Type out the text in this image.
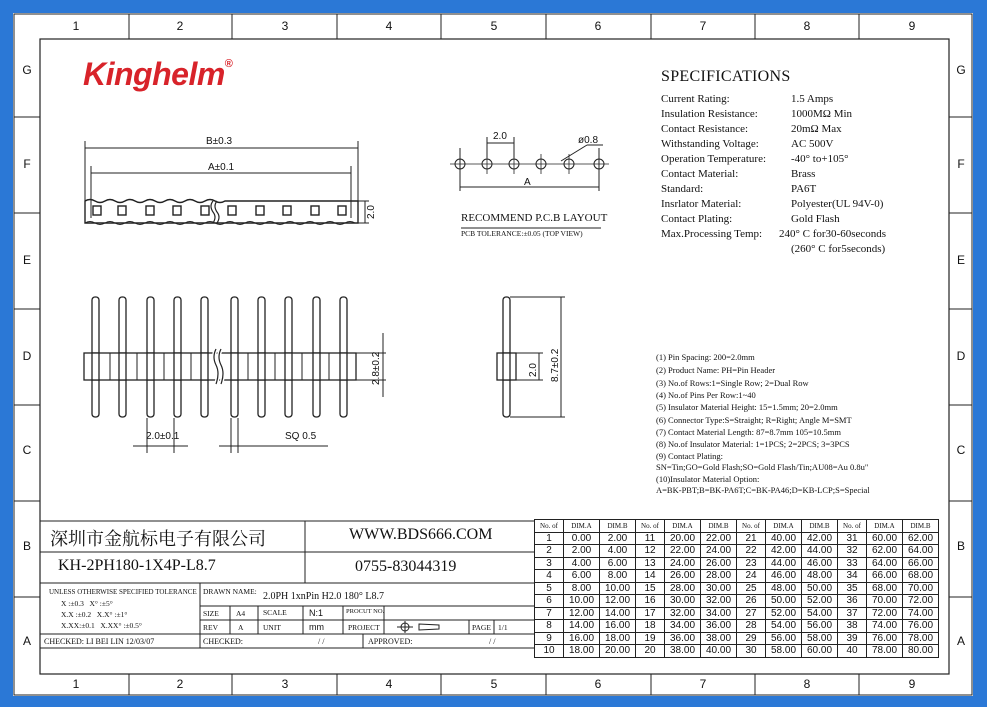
1	2	3	4	5	6	7	8	9
1	2	3	4	5	6	7	8	9
G
F
E
D
C
B
A
G
F
E
D
C
B
A
Kinghelm®
SPECIFICATIONS
Current Rating:	1.5 Amps
Insulation Resistance:	1000MΩ Min
Contact Resistance:	20mΩ Max
Withstanding Voltage:	AC 500V
Operation Temperature: -40° to+105°
Contact Material:	Brass
Standard:	PA6T
Insrlator Material:	Polyester(UL 94V-0)
Contact Plating:	Gold Flash
Max.Processing Temp: 240° C for30-60seconds
(260° C for5seconds)
(1) Pin Spacing: 200=2.0mm
(2) Product Name: PH=Pin Header
(3) No.of Rows:1=Single Row; 2=Dual Row
(4) No.of Pins Per Row:1~40
(5) Insulator Material Height: 15=1.5mm; 20=2.0mm
(6) Connector Type:S=Straight; R=Right; Angle M=SMT
(7) Contact Material Length: 87=8.7mm 105=10.5mm
(8) No.of Insulator Material: 1=1PCS; 2=2PCS; 3=3PCS
(9) Contact Plating:
SN=Tin;GO=Gold Flash;SO=Gold Flash/Tin;AU08=Au 0.8u"
(10)Insulator Material Option:
A=BK-PBT;B=BK-PA6T;C=BK-PA46;D=KB-LCP;S=Special
B±0.3
A±0.1
2.0
2.0	ø0.8
A
RECOMMEND P.C.B LAYOUT
PCB TOLERANCE:±0.05 (TOP VIEW)
2.8±0.2
2.0±0.1	SQ 0.5
2.0 8.7±0.2
深圳市金航标电子有限公司	WWW.BDS666.COM
KH-2PH180-1X4P-L8.7	0755-83044319
UNLESS OTHERWISE SPECIFIED TOLERANCE
X :±0.3 X° :±5°
X.X :±0.2 X.X° :±1°
X.XX:±0.1 X.XX° :±0.5°
DRAWN NAME: 2.0PH 1xnPin H2.0 180° L8.7
SIZE A4 SCALE N:1	PROCUT NO.
REV	A	UNIT	mm	PROJECT	PAGE 1/1
CHECKED: LI BEI LIN 12/03/07	CHECKED:	/ /	APPROVED:	/ /
No. of	DIM.A	DIM.B	No. of	DIM.A	DIM.B	No. of	DIM.A	DIM.B	No. of	DIM.A	DIM.B
1	0.00	2.00	11	20.00	22.00	21	40.00	42.00	31	60.00	62.00
2	2.00	4.00	12	22.00	24.00	22	42.00	44.00	32	62.00	64.00
3	4.00	6.00	13	24.00	26.00	23	44.00	46.00	33	64.00	66.00
4	6.00	8.00	14	26.00	28.00	24	46.00	48.00	34	66.00	68.00
5	8.00	10.00	15	28.00	30.00	25	48.00	50.00	35	68.00	70.00
6	10.00	12.00	16	30.00	32.00	26	50.00	52.00	36	70.00	72.00
7	12.00	14.00	17	32.00	34.00	27	52.00	54.00	37	72.00	74.00
8	14.00	16.00	18	34.00	36.00	28	54.00	56.00	38	74.00	76.00
9	16.00	18.00	19	36.00	38.00	29	56.00	58.00	39	76.00	78.00
10	18.00	20.00	20	38.00	40.00	30	58.00	60.00	40	78.00	80.00
